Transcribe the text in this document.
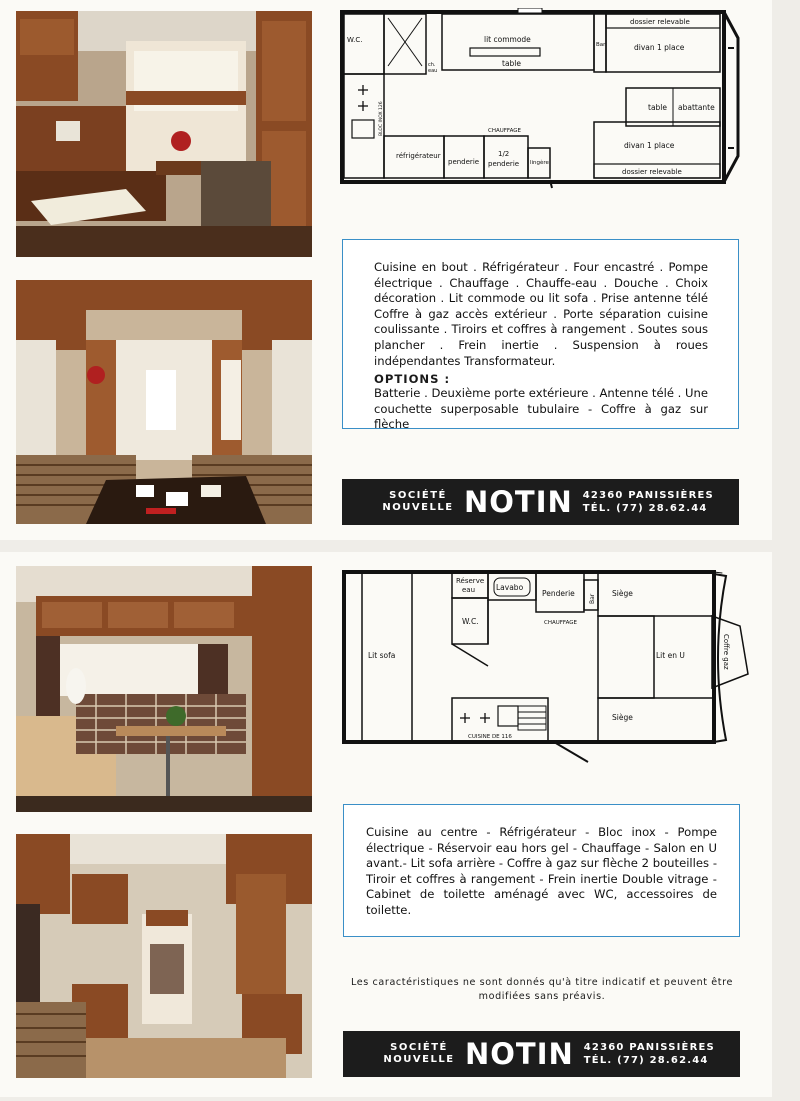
W.C.
ch.
eau
lit commode
table
Bar
dossier relevable
divan 1 place
table abattante
CHAUFFAGE
réfrigérateur
penderie
1/2
penderie lingère
divan 1 place
dossier relevable
BLOC INOX 126

Cuisine en bout . Réfrigérateur . Four encastré . Pompe électrique . Chauffage . Chauffe-eau . Douche . Choix décoration . Lit commode ou lit sofa . Prise antenne télé Coffre à gaz accès extérieur . Porte séparation cuisine coulissante . Tiroirs et coffres à rangement . Soutes sous plancher . Frein inertie . Suspension à roues indépendantes Transformateur.

OPTIONS :

Batterie . Deuxième porte extérieure . Antenne télé . Une couchette superposable tubulaire - Coffre à gaz sur flèche

SOCIÉTÉ
NOUVELLE NOTIN 42360 PANISSIÈRES
TÉL. (77) 28.62.44
Réserve
eau	Lavabo
Penderie
Bar
Siège
CHAUFFAGE
W.C.
Lit sofa	Lit en U	Coffre gaz
Siège
CUISINE DE 116

Cuisine au centre - Réfrigérateur - Bloc inox - Pompe électrique - Réservoir eau hors gel - Chauffage - Salon en U avant.- Lit sofa arrière - Coffre à gaz sur flèche 2 bouteilles - Tiroir et coffres à rangement - Frein inertie Double vitrage - Cabinet de toilette aménagé avec WC, accessoires de toilette.

Les caractéristiques ne sont donnés qu'à titre indicatif et peuvent être
modifiées sans préavis.
SOCIÉTÉ
NOUVELLE NOTIN 42360 PANISSIÈRES
TÉL. (77) 28.62.44
